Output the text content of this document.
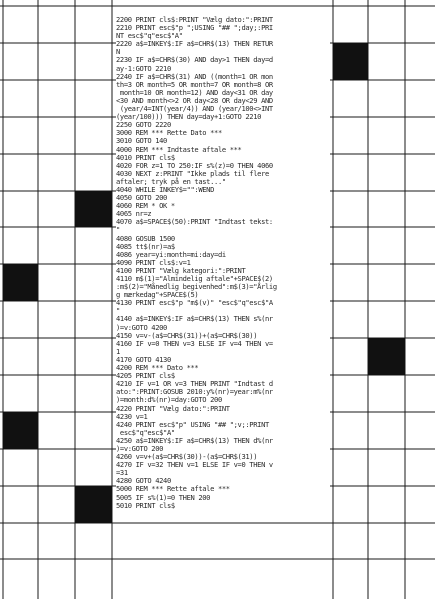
2200 PRINT cls$:PRINT "Vælg dato:":PRINT
2210 PRINT esc$"p ";USING "## ";day;:PRI
NT esc$"q"esc$"A"
2220 a$=INKEY$:IF a$=CHR$(13) THEN RETUR
N
2230 IF a$=CHR$(30) AND day>1 THEN day=d
ay-1:GOTO 2210
2240 IF a$=CHR$(31) AND ((month=1 OR mon
th=3 OR month=5 OR month=7 OR month=8 OR
month=10 OR month=12) AND day<31 OR day
<30 AND month<>2 OR day<28 OR day<29 AND
(year/4=INT(year/4)) AND (year/100<>INT
(year/100))) THEN day=day+1:GOTO 2210
2250 GOTO 2220
3000 REM *** Rette Dato ***
3010 GOTO 140
4000 REM *** Indtaste aftale ***
4010 PRINT cls$
4020 FOR z=1 TO 250:IF s%(z)=0 THEN 4060
4030 NEXT z:PRINT "Ikke plads til flere
aftaler; tryk på en tast..."
4040 WHILE INKEY$="":WEND
4050 GOTO 200
4060 REM * OK *
4065 nr=z
4070 a$=SPACE$(50):PRINT "Indtast tekst:
"
4080 GOSUB 1500
4085 tt$(nr)=a$
4086 year=yi:month=mi:day=di
4090 PRINT cls$:v=1
4100 PRINT "Vælg kategori:":PRINT
4110 m$(1)="Almindelig aftale"+SPACE$(2)
:m$(2)="Månedlig begivenhed":m$(3)="Årlig
g mærkedag"+SPACE$(5)
4130 PRINT esc$"p "m$(v)" "esc$"q"esc$"A
"
4140 a$=INKEY$:IF a$=CHR$(13) THEN s%(nr
)=v:GOTO 4200
4150 v=v-(a$=CHR$(31))+(a$=CHR$(30))
4160 IF v=0 THEN v=3 ELSE IF v=4 THEN v=
1
4170 GOTO 4130
4200 REM *** Dato ***
4205 PRINT cls$
4210 IF v=1 OR v=3 THEN PRINT "Indtast d
ato:":PRINT:GOSUB 2010:y%(nr)=year:m%(nr
)=month:d%(nr)=day:GOTO 200
4220 PRINT "Vælg dato:":PRINT
4230 v=1
4240 PRINT esc$"p" USING "## ";v;:PRINT
esc$"q"esc$"A"
4250 a$=INKEY$:IF a$=CHR$(13) THEN d%(nr
)=v:GOTO 200
4260 v=v+(a$=CHR$(30))-(a$=CHR$(31))
4270 IF v=32 THEN v=1 ELSE IF v=0 THEN v
=31
4280 GOTO 4240
5000 REM *** Rette aftale ***
5005 IF s%(1)=0 THEN 200
5010 PRINT cls$
